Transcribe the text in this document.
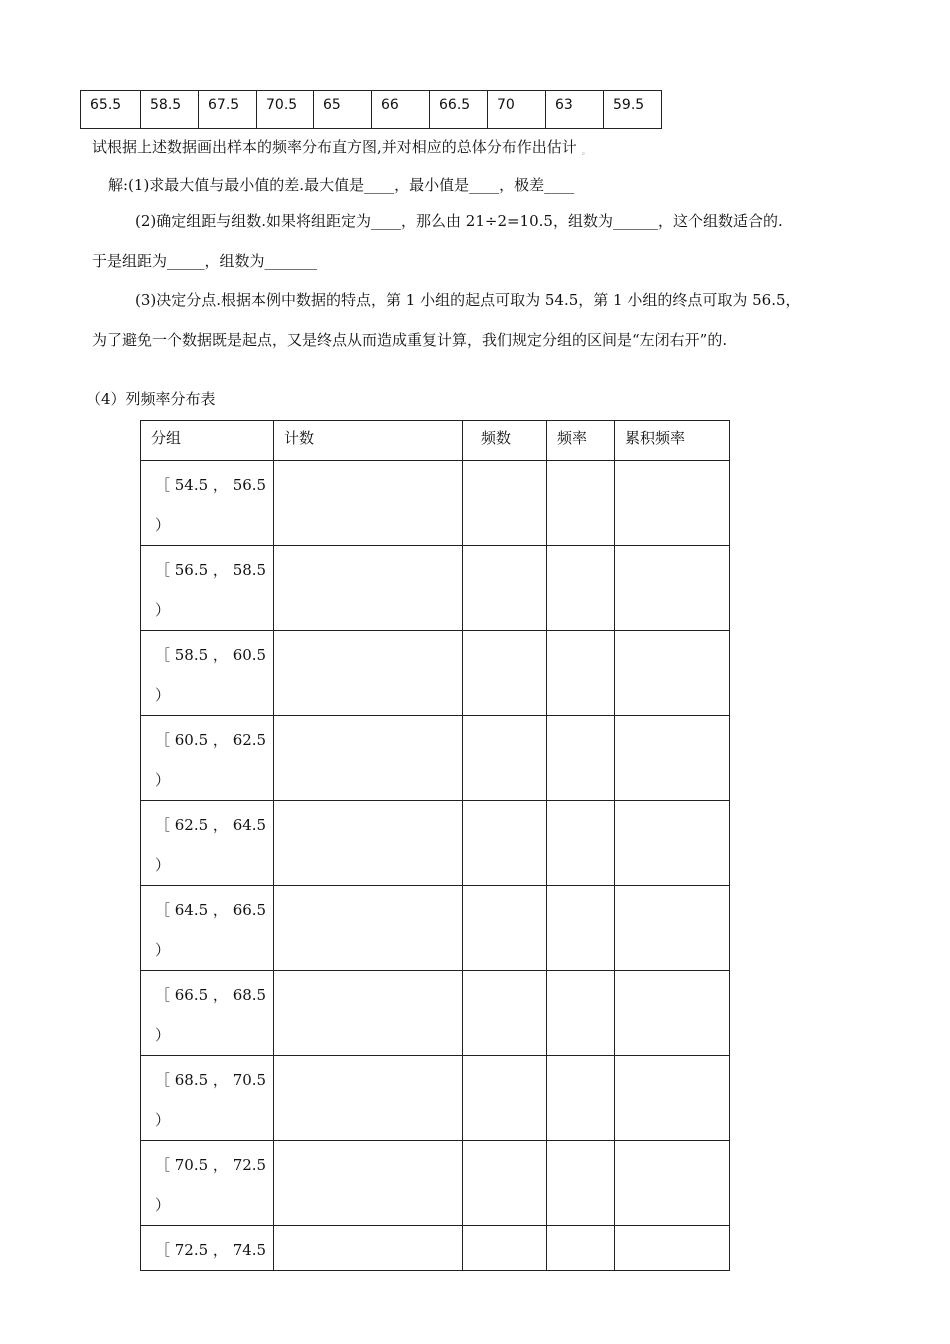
65.5	58.5	67.5	70.5	65	66	66.5	70	63	59.5
试根据上述数据画出样本的频率分布直方图,并对相应的总体分布作出估计 。
解:(1)求最大值与最小值的差.最大值是____，最小值是____，极差____
(2)确定组距与组数.如果将组距定为____，那么由 21÷2=10.5，组数为______，这个组数适合的.
于是组距为_____，组数为_______
(3)决定分点.根据本例中数据的特点，第 1 小组的起点可取为 54.5，第 1 小组的终点可取为 56.5，
为了避免一个数据既是起点，又是终点从而造成重复计算，我们规定分组的区间是“左闭右开”的.
（4）列频率分布表
分组	计数	频数	频率	累积频率

［ 54.5 ， 56.5
）				

［ 56.5 ， 58.5
）				

［ 58.5 ， 60.5
）				

［ 60.5 ， 62.5
）				

［ 62.5 ， 64.5
）				

［ 64.5 ， 66.5
）				

［ 66.5 ， 68.5
）				

［ 68.5 ， 70.5
）				

［ 70.5 ， 72.5
）				

［ 72.5 ， 74.5				
